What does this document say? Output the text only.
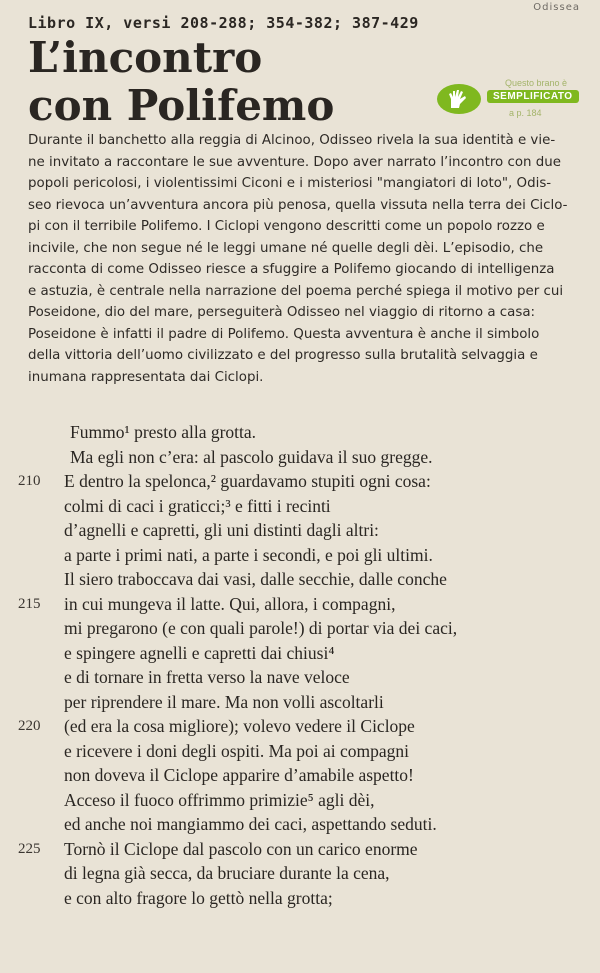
Odissea
Libro IX, versi 208-288; 354-382; 387-429
L’incontro
con Polifemo	Questo brano è
SEMPLIFICATO
a p. 184

Durante il banchetto alla reggia di Alcinoo, Odisseo rivela la sua identità e vie-
ne invitato a raccontare le sue avventure. Dopo aver narrato l’incontro con due
popoli pericolosi, i violentissimi Ciconi e i misteriosi "mangiatori di loto", Odis-
seo rievoca un’avventura ancora più penosa, quella vissuta nella terra dei Ciclo-
pi con il terribile Polifemo. I Ciclopi vengono descritti come un popolo rozzo e
incivile, che non segue né le leggi umane né quelle degli dèi. L’episodio, che
racconta di come Odisseo riesce a sfuggire a Polifemo giocando di intelligenza
e astuzia, è centrale nella narrazione del poema perché spiega il motivo per cui
Poseidone, dio del mare, perseguiterà Odisseo nel viaggio di ritorno a casa:
Poseidone è infatti il padre di Polifemo. Questa avventura è anche il simbolo
della vittoria dell’uomo civilizzato e del progresso sulla brutalità selvaggia e
inumana rappresentata dai Ciclopi.

Fummo¹ presto alla grotta.
Ma egli non c’era: al pascolo guidava il suo gregge.
210	E dentro la spelonca,² guardavamo stupiti ogni cosa:
colmi di caci i graticci;³ e fitti i recinti
d’agnelli e capretti, gli uni distinti dagli altri:
a parte i primi nati, a parte i secondi, e poi gli ultimi.
Il siero traboccava dai vasi, dalle secchie, dalle conche
215	in cui mungeva il latte. Qui, allora, i compagni,
mi pregarono (e con quali parole!) di portar via dei caci,
e spingere agnelli e capretti dai chiusi⁴
e di tornare in fretta verso la nave veloce
per riprendere il mare. Ma non volli ascoltarli
220	(ed era la cosa migliore); volevo vedere il Ciclope
e ricevere i doni degli ospiti. Ma poi ai compagni
non doveva il Ciclope apparire d’amabile aspetto!
Acceso il fuoco offrimmo primizie⁵ agli dèi,
ed anche noi mangiammo dei caci, aspettando seduti.
225	Tornò il Ciclope dal pascolo con un carico enorme
di legna già secca, da bruciare durante la cena,
e con alto fragore lo gettò nella grotta;
